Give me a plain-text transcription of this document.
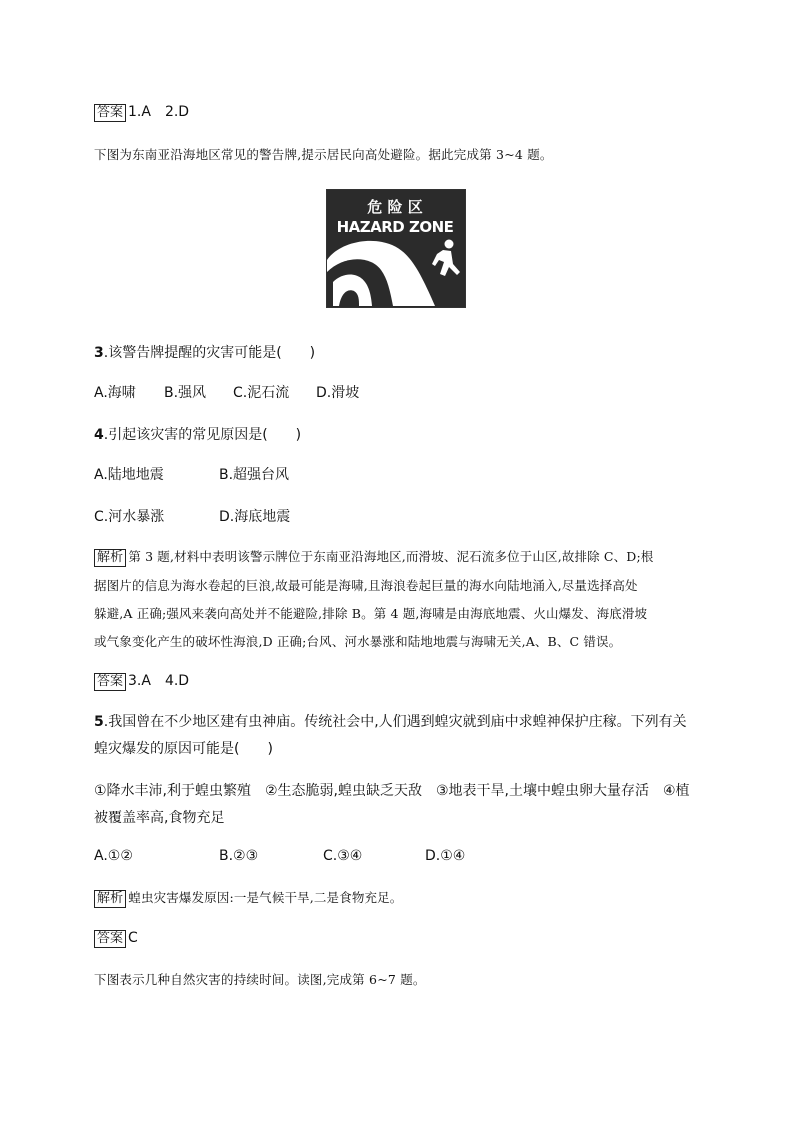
答案 1.A　2.D
下图为东南亚沿海地区常见的警告牌,提示居民向高处避险。据此完成第 3~4 题。
危 险 区
HAZARD ZONE
3.该警告牌提醒的灾害可能是(　　)
A.海啸 B.强风 C.泥石流 D.滑坡
4.引起该灾害的常见原因是(　　)
A.陆地地震	B.超强台风
C.河水暴涨	D.海底地震
解析 第 3 题,材料中表明该警示牌位于东南亚沿海地区,而滑坡、泥石流多位于山区,故排除 C、D;根
据图片的信息为海水卷起的巨浪,故最可能是海啸,且海浪卷起巨量的海水向陆地涌入,尽量选择高处
躲避,A 正确;强风来袭向高处并不能避险,排除 B。第 4 题,海啸是由海底地震、火山爆发、海底滑坡
或气象变化产生的破坏性海浪,D 正确;台风、河水暴涨和陆地地震与海啸无关,A、B、C 错误。
答案 3.A　4.D
5.我国曾在不少地区建有虫神庙。传统社会中,人们遇到蝗灾就到庙中求蝗神保护庄稼。下列有关
蝗灾爆发的原因可能是(　　)
①降水丰沛,利于蝗虫繁殖　②生态脆弱,蝗虫缺乏天敌　③地表干旱,土壤中蝗虫卵大量存活　④植
被覆盖率高,食物充足
A.①②	B.②③	C.③④	D.①④
解析 蝗虫灾害爆发原因:一是气候干旱,二是食物充足。
答案 C
下图表示几种自然灾害的持续时间。读图,完成第 6~7 题。
